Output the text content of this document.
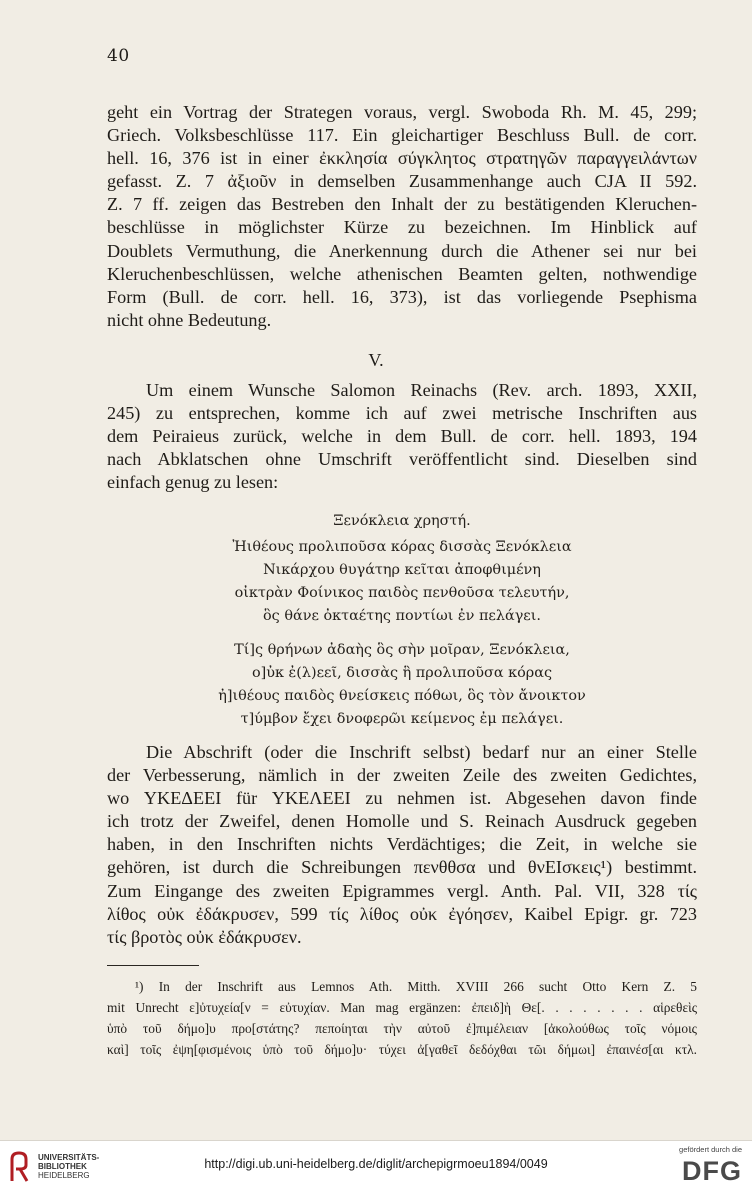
40
geht ein Vortrag der Strategen voraus, vergl. Swoboda Rh. M. 45, 299;
Griech. Volksbeschlüsse 117. Ein gleichartiger Beschluss Bull. de corr.
hell. 16, 376 ist in einer ἐκκλησία σύγκλητος στρατηγῶν παραγγειλάντων
gefasst. Z. 7 ἀξιοῦν in demselben Zusammenhange auch CJA II 592.
Z. 7 ff. zeigen das Bestreben den Inhalt der zu bestätigenden Kleruchen-
beschlüsse in möglichster Kürze zu bezeichnen. Im Hinblick auf
Doublets Vermuthung, die Anerkennung durch die Athener sei nur bei
Kleruchenbeschlüssen, welche athenischen Beamten gelten, nothwendige
Form (Bull. de corr. hell. 16, 373), ist das vorliegende Psephisma
nicht ohne Bedeutung.
V.
Um einem Wunsche Salomon Reinachs (Rev. arch. 1893, XXII,
245) zu entsprechen, komme ich auf zwei metrische Inschriften aus
dem Peiraieus zurück, welche in dem Bull. de corr. hell. 1893, 194
nach Abklatschen ohne Umschrift veröffentlicht sind. Dieselben sind
einfach genug zu lesen:
Ξενόκλεια χρηστή.
Ἠιθέους προλιποῦσα κόρας δισσὰς Ξενόκλεια
Νικάρχου θυγάτηρ κεῖται ἀποφθιμένη
οἰκτρὰν Φοίνικος παιδὸς πενθοῦσα τελευτήν,
ὃς θάνε ὀκταέτης ποντίωι ἐν πελάγει.
Τί]ς θρήνων ἀδαὴς ὃς σὴν μοῖραν, Ξενόκλεια,
ο]ὐκ ἐ(λ)εεῖ, δισσὰς ἣ προλιποῦσα κόρας
ἠ]ιθέους παιδὸς θνείσκεις πόθωι, ὃς τὸν ἄνοικτον
τ]ύμβον ἔχει δνοφερῶι κείμενος ἐμ πελάγει.
Die Abschrift (oder die Inschrift selbst) bedarf nur an einer Stelle
der Verbesserung, nämlich in der zweiten Zeile des zweiten Gedichtes,
wo ΥΚΕΔΕΕΙ für ΥΚΕΛΕΕΙ zu nehmen ist. Abgesehen davon finde
ich trotz der Zweifel, denen Homolle und S. Reinach Ausdruck gegeben
haben, in den Inschriften nichts Verdächtiges; die Zeit, in welche sie
gehören, ist durch die Schreibungen πενθθσα und θνΕΙσκεις¹) bestimmt.
Zum Eingange des zweiten Epigrammes vergl. Anth. Pal. VII, 328 τίς
λίθος οὐκ ἐδάκρυσεν, 599 τίς λίθος οὐκ ἐγόησεν, Kaibel Epigr. gr. 723
τίς βροτὸς οὐκ ἐδάκρυσεν.
¹) In der Inschrift aus Lemnos Ath. Mitth. XVIII 266 sucht Otto Kern Z. 5
mit Unrecht ε]ὐτυχεία[ν = εὐτυχίαν. Man mag ergänzen: ἐπειδ]ὴ Θε[. . . . . . . . αἱρεθεὶς
ὑπὸ τοῦ δήμο]υ προ[στάτης? πεποίηται τὴν αὐτοῦ ἐ]πιμέλειαν [ἀκολούθως τοῖς νόμοις
καὶ] τοῖς ἐψη[φισμένοις ὑπὸ τοῦ δήμο]υ· τύχει ἀ[γαθεῖ δεδόχθαι τῶι δήμωι] ἐπαινέσ[αι κτλ.
UNIVERSITÄTS-
BIBLIOTHEK
HEIDELBERG
http://digi.ub.uni-heidelberg.de/diglit/archepigrmoeu1894/0049
gefördert durch die
DFG
